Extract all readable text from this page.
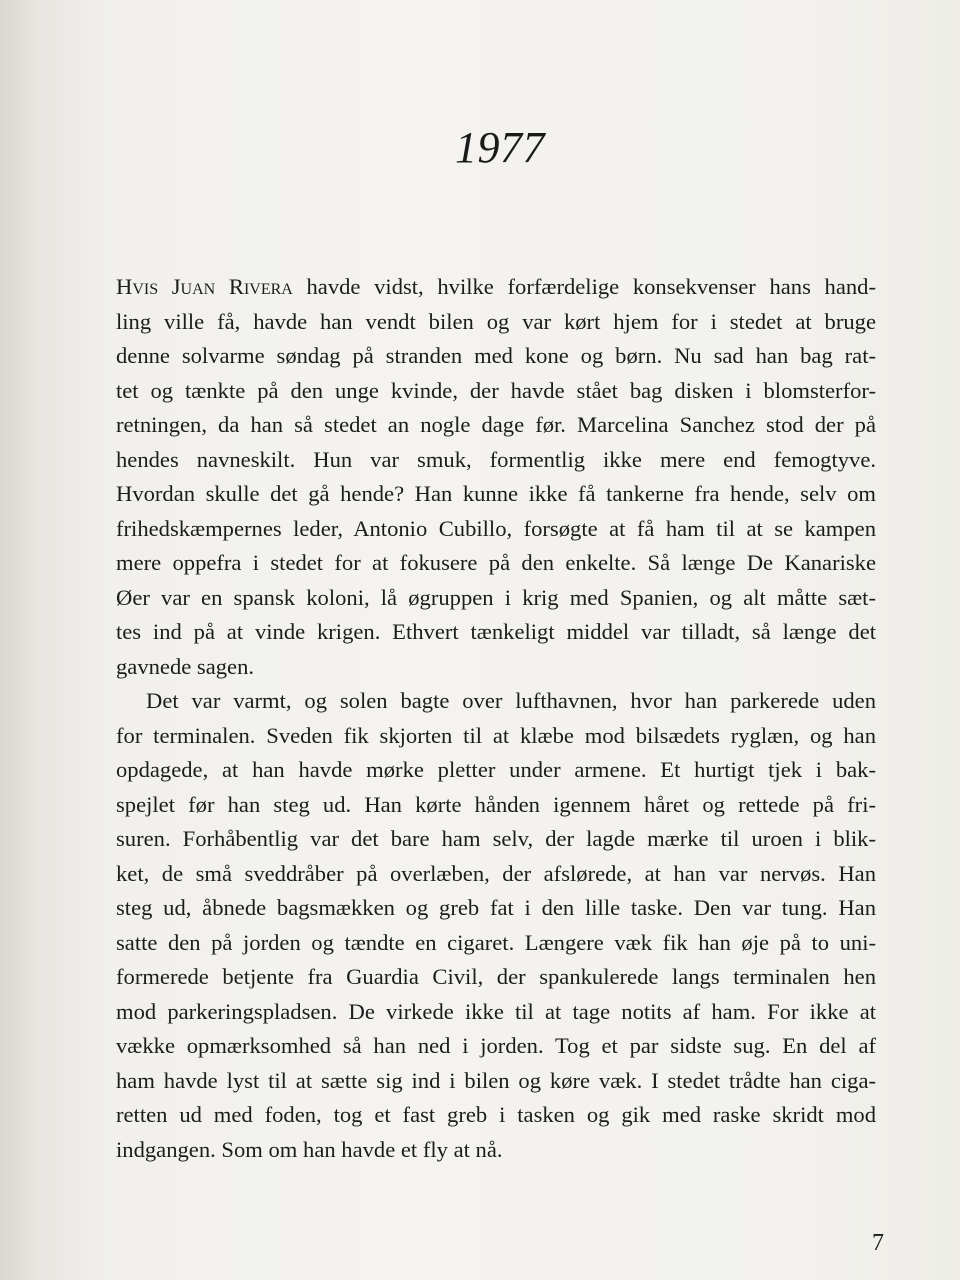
1977
Hvis Juan Rivera havde vidst, hvilke forfærdelige konsekvenser hans hand-
ling ville få, havde han vendt bilen og var kørt hjem for i stedet at bruge
denne solvarme søndag på stranden med kone og børn. Nu sad han bag rat-
tet og tænkte på den unge kvinde, der havde stået bag disken i blomsterfor-
retningen, da han så stedet an nogle dage før. Marcelina Sanchez stod der på
hendes navneskilt. Hun var smuk, formentlig ikke mere end femogtyve.
Hvordan skulle det gå hende? Han kunne ikke få tankerne fra hende, selv om
frihedskæmpernes leder, Antonio Cubillo, forsøgte at få ham til at se kampen
mere oppefra i stedet for at fokusere på den enkelte. Så længe De Kanariske
Øer var en spansk koloni, lå øgruppen i krig med Spanien, og alt måtte sæt-
tes ind på at vinde krigen. Ethvert tænkeligt middel var tilladt, så længe det
gavnede sagen.
Det var varmt, og solen bagte over lufthavnen, hvor han parkerede uden
for terminalen. Sveden fik skjorten til at klæbe mod bilsædets ryglæn, og han
opdagede, at han havde mørke pletter under armene. Et hurtigt tjek i bak-
spejlet før han steg ud. Han kørte hånden igennem håret og rettede på fri-
suren. Forhåbentlig var det bare ham selv, der lagde mærke til uroen i blik-
ket, de små sveddråber på overlæben, der afslørede, at han var nervøs. Han
steg ud, åbnede bagsmækken og greb fat i den lille taske. Den var tung. Han
satte den på jorden og tændte en cigaret. Længere væk fik han øje på to uni-
formerede betjente fra Guardia Civil, der spankulerede langs terminalen hen
mod parkeringspladsen. De virkede ikke til at tage notits af ham. For ikke at
vække opmærksomhed så han ned i jorden. Tog et par sidste sug. En del af
ham havde lyst til at sætte sig ind i bilen og køre væk. I stedet trådte han ciga-
retten ud med foden, tog et fast greb i tasken og gik med raske skridt mod
indgangen. Som om han havde et fly at nå.
7
